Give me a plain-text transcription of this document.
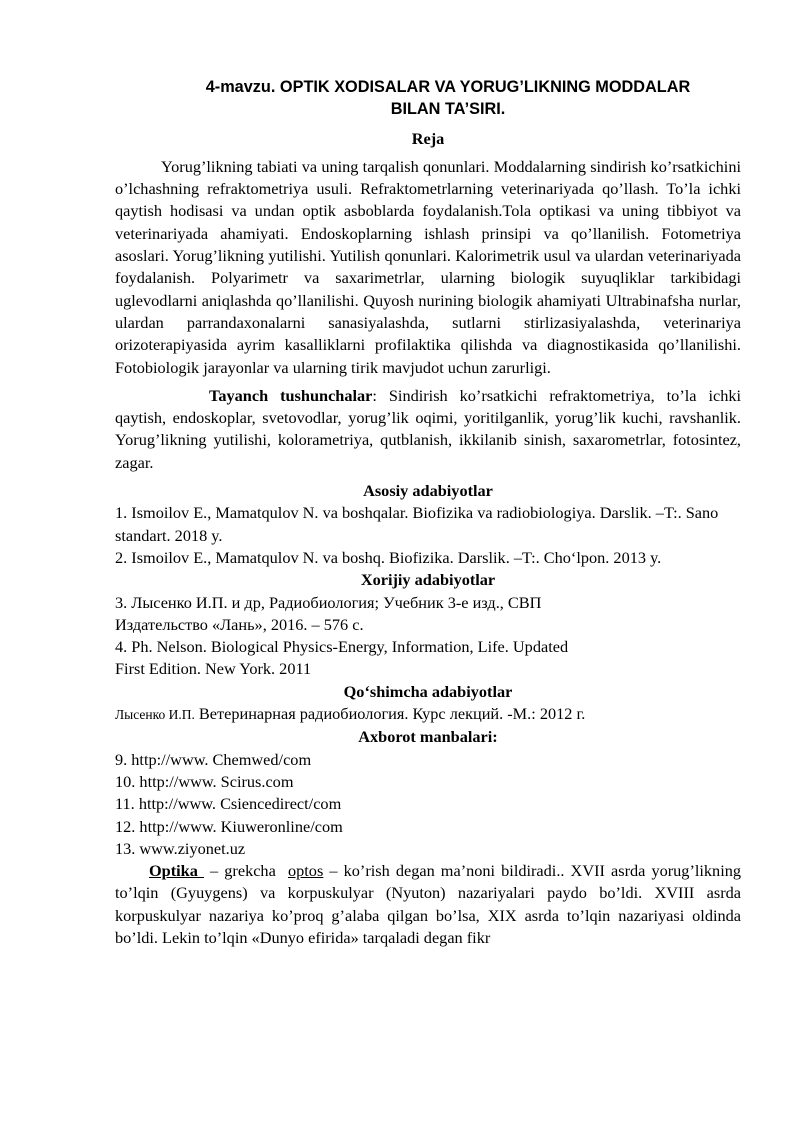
4-mavzu. OPTIK XODISALAR VA YORUG’LIKNING MODDALAR
BILAN TA’SIRI.

Reja

Yorug’likning tabiati va uning tarqalish qonunlari. Moddalarning sindirish ko’rsatkichini o’lchashning refraktometriya usuli. Refraktometrlarning veterinariyada qo’llash. To’la ichki qaytish hodisasi va undan optik asboblarda foydalanish.Tola optikasi va uning tibbiyot va veterinariyada ahamiyati. Endoskoplarning ishlash prinsipi va qo’llanilish. Fotometriya asoslari. Yorug’likning yutilishi. Yutilish qonunlari. Kalorimetrik usul va ulardan veterinariyada foydalanish. Polyarimetr va saxarimetrlar, ularning biologik suyuqliklar tarkibidagi uglevodlarni aniqlashda qo’llanilishi. Quyosh nurining biologik ahamiyati Ultrabinafsha nurlar, ulardan parrandaxonalarni sanasiyalashda, sutlarni stirlizasiyalashda, veterinariya orizoterapiyasida ayrim kasalliklarni profilaktika qilishda va diagnostikasida qo’llanilishi. Fotobiologik jarayonlar va ularning tirik mavjudot uchun zarurligi.

Tayanch tushunchalar: Sindirish ko’rsatkichi refraktometriya, to’la ichki qaytish, endoskoplar, svetovodlar, yorug’lik oqimi, yoritilganlik, yorug’lik kuchi, ravshanlik. Yorug’likning yutilishi, kolorametriya, qutblanish, ikkilanib sinish, saxarometrlar, fotosintez, zagar.

Asosiy adabiyotlar

1. Ismoilov E., Mamatqulov N. va boshqalar. Biofizika va radiobiologiya. Darslik. –T:. Sano standart. 2018 y.

2. Ismoilov E., Mamatqulov N. va boshq. Biofizika. Darslik. –T:. Cho‘lpon. 2013 y.

Xorijiy adabiyotlar

3. Лысенко И.П. и др, Радиобиология; Учебник 3-е изд., СВП
Издательство «Лань», 2016. – 576 с.

4. Ph. Nelson. Biological Physics-Energy, Information, Life. Updated
First Edition. New York. 2011

Qo‘shimcha adabiyotlar

Лысенко И.П. Ветеринарная радиобиология. Курс лекций. -М.: 2012 г.

Axborot manbalari:

9. http://www. Chemwed/com

10. http://www. Scirus.com

11. http://www. Csiencedirect/com

12. http://www. Kiuweronline/com

13. www.ziyonet.uz

Optika  – grekcha  optos – ko’rish degan ma’noni bildiradi.. XVII asrda yorug’likning to’lqin (Gyuygens) va korpuskulyar (Nyuton) nazariyalari paydo bo’ldi. XVIII asrda korpuskulyar nazariya ko’proq g’alaba qilgan bo’lsa, XIX asrda to’lqin nazariyasi oldinda bo’ldi. Lekin to’lqin «Dunyo efirida» tarqaladi degan fikr
